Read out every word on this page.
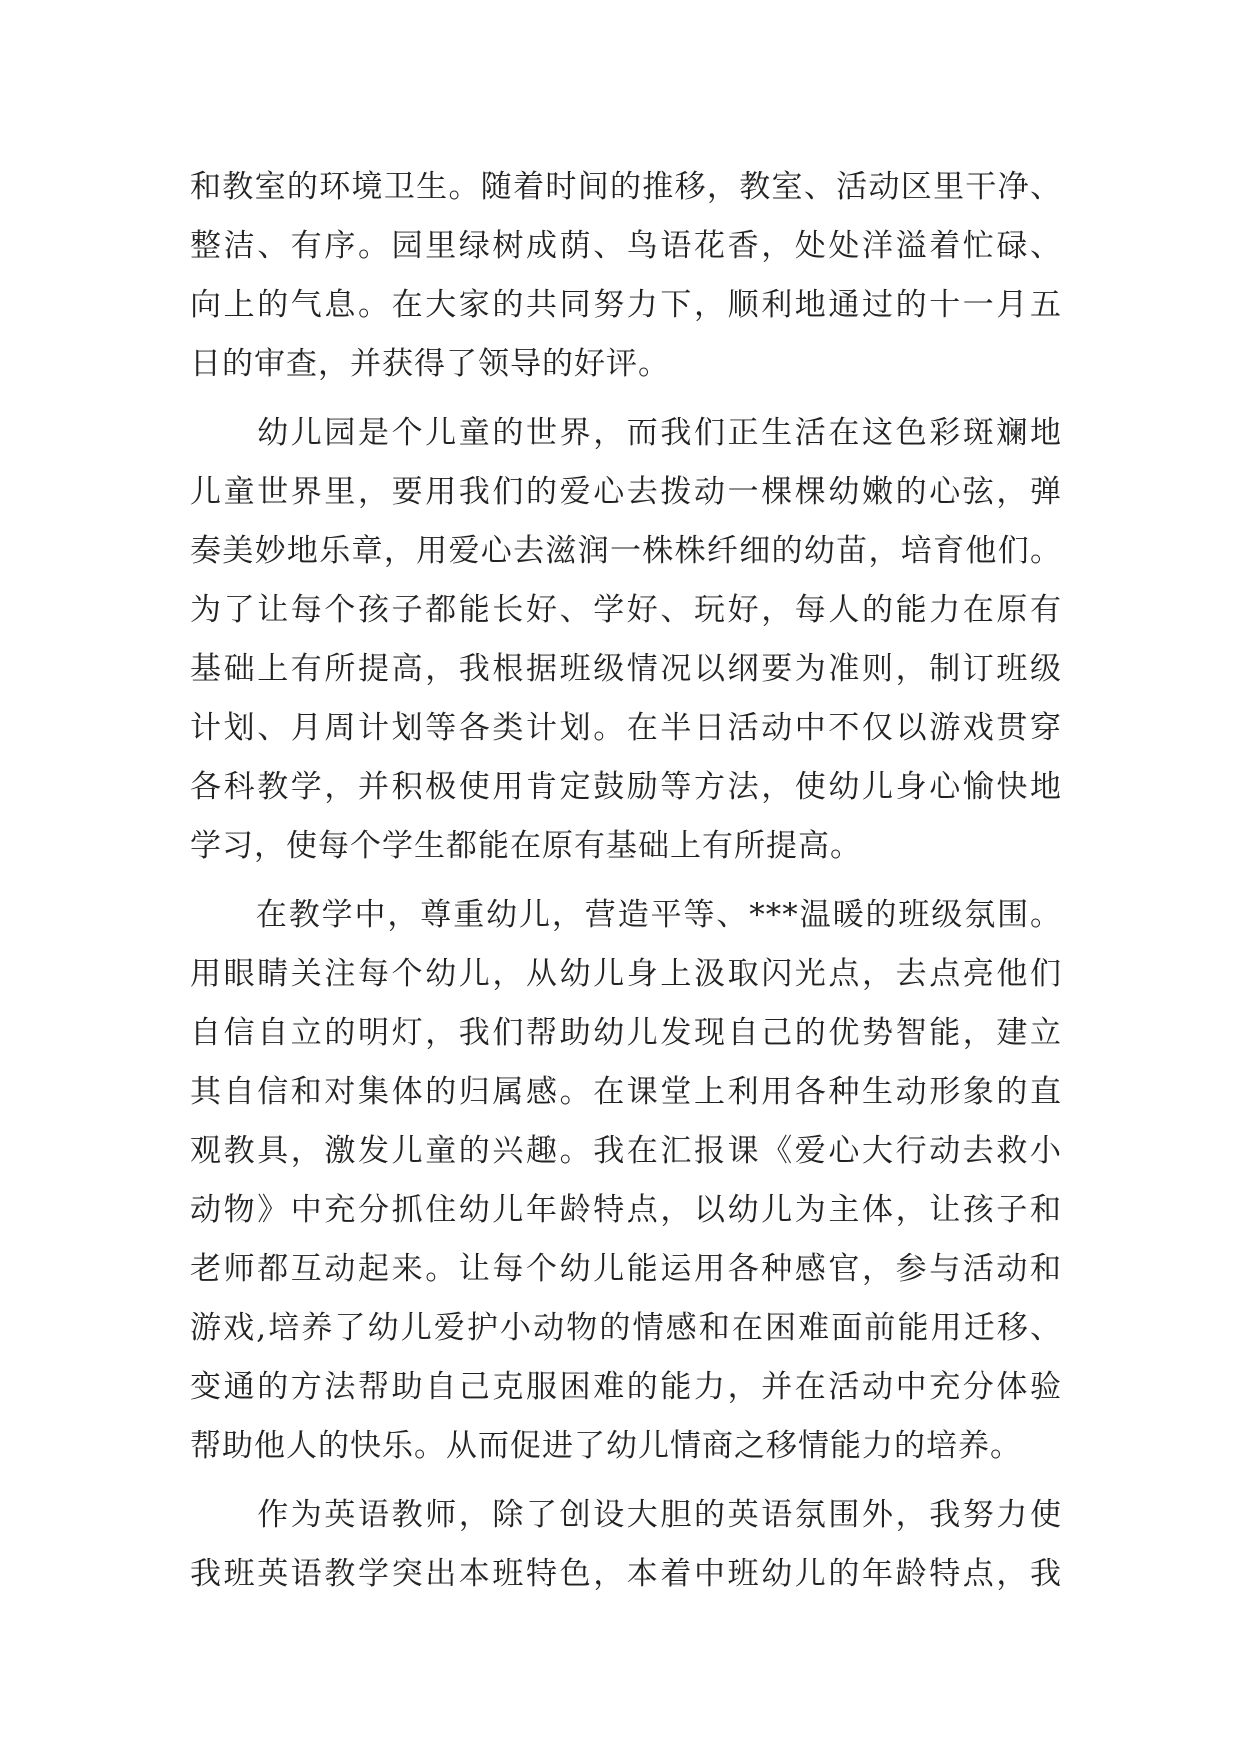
和教室的环境卫生。随着时间的推移，教室、活动区里干净、
整洁、有序。园里绿树成荫、鸟语花香，处处洋溢着忙碌、
向上的气息。在大家的共同努力下，顺利地通过的十一月五
日的审查，并获得了领导的好评。
　　幼儿园是个儿童的世界，而我们正生活在这色彩斑斓地
儿童世界里，要用我们的爱心去拨动一棵棵幼嫩的心弦，弹
奏美妙地乐章，用爱心去滋润一株株纤细的幼苗，培育他们。
为了让每个孩子都能长好、学好、玩好，每人的能力在原有
基础上有所提高，我根据班级情况以纲要为准则，制订班级
计划、月周计划等各类计划。在半日活动中不仅以游戏贯穿
各科教学，并积极使用肯定鼓励等方法，使幼儿身心愉快地
学习，使每个学生都能在原有基础上有所提高。
　　在教学中，尊重幼儿，营造平等、***温暖的班级氛围。
用眼睛关注每个幼儿，从幼儿身上汲取闪光点，去点亮他们
自信自立的明灯，我们帮助幼儿发现自己的优势智能，建立
其自信和对集体的归属感。在课堂上利用各种生动形象的直
观教具，激发儿童的兴趣。我在汇报课《爱心大行动去救小
动物》中充分抓住幼儿年龄特点，以幼儿为主体，让孩子和
老师都互动起来。让每个幼儿能运用各种感官，参与活动和
游戏,培养了幼儿爱护小动物的情感和在困难面前能用迁移、
变通的方法帮助自己克服困难的能力，并在活动中充分体验
帮助他人的快乐。从而促进了幼儿情商之移情能力的培养。
　　作为英语教师，除了创设大胆的英语氛围外，我努力使
我班英语教学突出本班特色，本着中班幼儿的年龄特点，我
